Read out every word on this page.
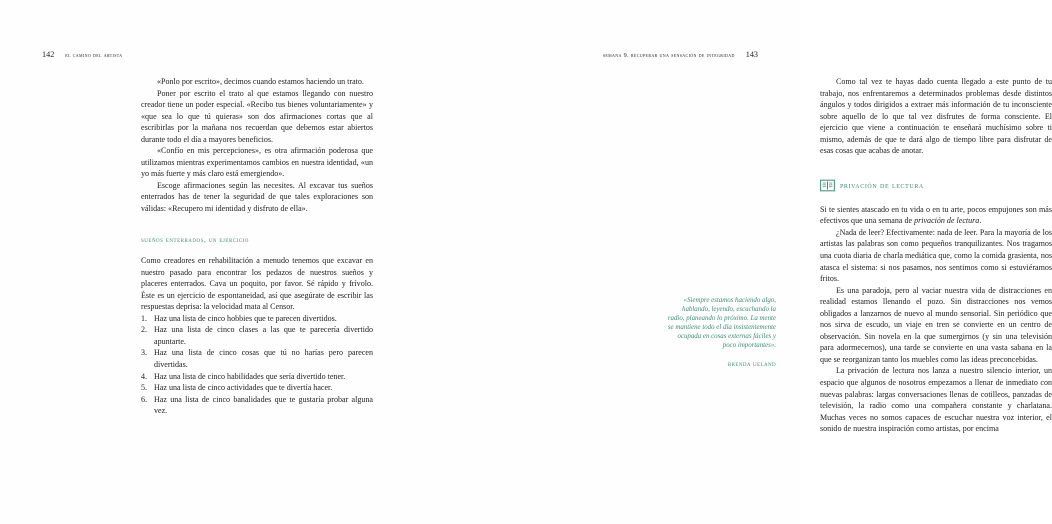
142 el camino del artista

«Ponlo por escrito», decimos cuando estamos haciendo un trato.

Poner por escrito el trato al que estamos llegando con nuestro creador tiene un poder especial. «Recibo tus bienes voluntariamente» y «que sea lo que tú quieras» son dos afirmaciones cortas que al escribirlas por la mañana nos recuerdan que debemos estar abiertos durante todo el día a mayores beneficios.

«Confío en mis percepciones», es otra afirmación poderosa que utilizamos mientras experimentamos cambios en nuestra identidad, «un yo más fuerte y más claro está emergiendo».

Escoge afirmaciones según las necesites. Al excavar tus sueños enterrados has de tener la seguridad de que tales exploraciones son válidas: «Recupero mi identidad y disfruto de ella».

sueños enterrados, un ejercicio

Como creadores en rehabilitación a menudo tenemos que excavar en nuestro pasado para encontrar los pedazos de nuestros sueños y placeres enterrados. Cava un poquito, por favor. Sé rápido y frívolo. Éste es un ejercicio de espontaneidad, así que asegúrate de escribir las respuestas deprisa: la velocidad mata al Censor.

Haz una lista de cinco hobbies que te parecen divertidos.
Haz una lista de cinco clases a las que te parecería divertido apuntarte.
Haz una lista de cinco cosas que tú no harías pero parecen divertidas.
Haz una lista de cinco habilidades que sería divertido tener.
Haz una lista de cinco actividades que te divertía hacer.
Haz una lista de cinco banalidades que te gustaría probar alguna vez.
semana 9. recuperar una sensación de integridad 143

Como tal vez te hayas dado cuenta llegado a este punto de tu trabajo, nos enfrentaremos a determinados problemas desde distintos ángulos y todos dirigidos a extraer más información de tu inconsciente sobre aquello de lo que tal vez disfrutes de forma consciente. El ejercicio que viene a continuación te enseñará muchísimo sobre ti mismo, además de que te dará algo de tiempo libre para disfrutar de esas cosas que acabas de anotar.

privación de lectura

Si te sientes atascado en tu vida o en tu arte, pocos empujones son más efectivos que una semana de privación de lectura.

¿Nada de leer? Efectivamente: nada de leer. Para la mayoría de los artistas las palabras son como pequeños tranquilizantes. Nos tragamos una cuota diaria de charla mediática que, como la comida grasienta, nos atasca el sistema: si nos pasamos, nos sentimos como si estuviéramos fritos.

Es una paradoja, pero al vaciar nuestra vida de distracciones en realidad estamos llenando el pozo. Sin distracciones nos vemos obligados a lanzarnos de nuevo al mundo sensorial. Sin periódico que nos sirva de escudo, un viaje en tren se convierte en un centro de observación. Sin novela en la que sumergirnos (y sin una televisión para adormecernos), una tarde se convierte en una vasta sabana en la que se reorganizan tanto los muebles como las ideas preconcebidas.

La privación de lectura nos lanza a nuestro silencio interior, un espacio que algunos de nosotros empezamos a llenar de inmediato con nuevas palabras: largas conversaciones llenas de cotilleos, panzadas de televisión, la radio como una compañera constante y charlatana. Muchas veces no somos capaces de escuchar nuestra voz interior, el sonido de nuestra inspiración como artistas, por encima

«Siempre estamos haciendo algo, hablando, leyendo, escuchando la radio, planeando lo próximo. La mente se mantiene todo el día insistentemente ocupada en cosas externas fáciles y poco importantes».
brenda ueland
